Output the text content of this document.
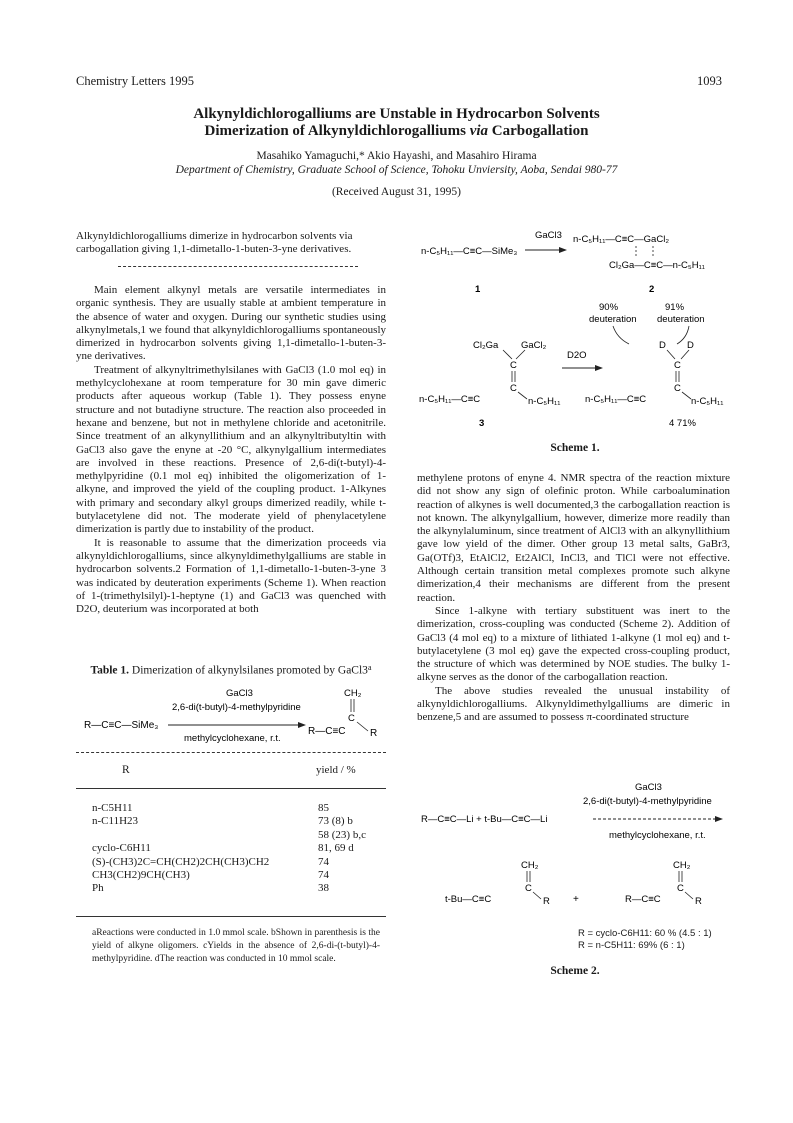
Chemistry Letters 1995	1093
Alkynyldichlorogalliums are Unstable in Hydrocarbon Solvents
Dimerization of Alkynyldichlorogalliums via Carbogallation
Masahiko Yamaguchi,* Akio Hayashi, and Masahiro Hirama
Department of Chemistry, Graduate School of Science, Tohoku Unviersity, Aoba, Sendai 980-77
(Received August 31, 1995)
Alkynyldichlorogalliums dimerize in hydrocarbon solvents via
carbogallation giving 1,1-dimetallo-1-buten-3-yne derivatives.

Main element alkynyl metals are versatile intermediates in organic synthesis. They are usually stable at ambient temperature in the absence of water and oxygen. During our synthetic studies using alkynylmetals,1 we found that alkynyldichlorogalliums spontaneously dimerized in hydrocarbon solvents giving 1,1-dimetallo-1-buten-3-yne derivatives.

Treatment of alkynyltrimethylsilanes with GaCl3 (1.0 mol eq) in methylcyclohexane at room temperature for 30 min gave dimeric products after aqueous workup (Table 1). They possess enyne structure and not butadiyne structure. The reaction also proceeded in hexane and benzene, but not in methylene chloride and acetonitrile. Since treatment of an alkynyllithium and an alkynyltributyltin with GaCl3 also gave the enyne at -20 °C, alkynylgallium intermediates are involved in these reactions. Presence of 2,6-di(t-butyl)-4-methylpyridine (0.1 mol eq) inhibited the oligomerization of 1-alkyne, and improved the yield of the coupling product. 1-Alkynes with primary and secondary alkyl groups dimerized readily, while t-butylacetylene did not. The moderate yield of phenylacetylene dimerization is partly due to instability of the product.

It is reasonable to assume that the dimerization proceeds via alkynyldichlorogalliums, since alkynyldimethylgalliums are stable in hydrocarbon solvents.2 Formation of 1,1-dimetallo-1-buten-3-yne 3 was indicated by deuteration experiments (Scheme 1). When reaction of 1-(trimethylsilyl)-1-heptyne (1) and GaCl3 was quenched with D2O, deuterium was incorporated at both

Table 1. Dimerization of alkynylsilanes promoted by GaCl3$^a$
GaCl3
2,6-di(t-butyl)-4-methylpyridine
R—C≡C—SiMe₃
methylcyclohexane, r.t.
CH₂
C
R—C≡C R
R	yield / %
n-C5H11	85
n-C11H23	73 (8) b
	58 (23) b,c
cyclo-C6H11	81, 69 d
(S)-(CH3)2C=CH(CH2)2CH(CH3)CH2	74
CH3(CH2)9CH(CH3)	74
Ph	38
aReactions were conducted in 1.0 mmol scale. bShown in parenthesis is the yield of alkyne oligomers. cYields in the absence of 2,6-di-(t-butyl)-4-methylpyridine. dThe reaction was conducted in 10 mmol scale.
n-C₅H₁₁—C≡C—SiMe₃
GaCl3 n-C₅H₁₁—C≡C—GaCl₂
Cl₂Ga—C≡C—n-C₅H₁₁
1	2
90%
deuteration
91%
deuteration
Cl₂Ga GaCl₂
C
C
n-C₅H₁₁—C≡C	n-C₅H₁₁
D2O
D D
C
C
n-C₅H₁₁—C≡C	n-C₅H₁₁
3	4 71%
Scheme 1.

methylene protons of enyne 4. NMR spectra of the reaction mixture did not show any sign of olefinic proton. While carboalumination reaction of alkynes is well documented,3 the carbogallation reaction is not known. The alkynylgallium, however, dimerize more readily than the alkynylaluminum, since treatment of AlCl3 with an alkynyllithium gave low yield of the dimer. Other group 13 metal salts, GaBr3, Ga(OTf)3, EtAlCl2, Et2AlCl, InCl3, and TlCl were not effective. Although certain transition metal complexes promote such alkyne dimerization,4 their mechanisms are different from the present reaction.

Since 1-alkyne with tertiary substituent was inert to the dimerization, cross-coupling was conducted (Scheme 2). Addition of GaCl3 (4 mol eq) to a mixture of lithiated 1-alkyne (1 mol eq) and t-butylacetylene (3 mol eq) gave the expected cross-coupling product, the structure of which was determined by NOE studies. The bulky 1-alkyne serves as the donor of the carbogallation reaction.

The above studies revealed the unusual instability of alkynyldichlorogalliums. Alkynyldimethylgalliums are dimeric in benzene,5 and are assumed to possess π-coordinated structure

GaCl3
2,6-di(t-butyl)-4-methylpyridine
R—C≡C—Li + t-Bu—C≡C—Li
methylcyclohexane, r.t.
CH₂
C
t-Bu—C≡C	R +
CH₂
C
R—C≡C	R
R = cyclo-C6H11: 60 % (4.5 : 1)
R = n-C5H11: 69% (6 : 1)
Scheme 2.
